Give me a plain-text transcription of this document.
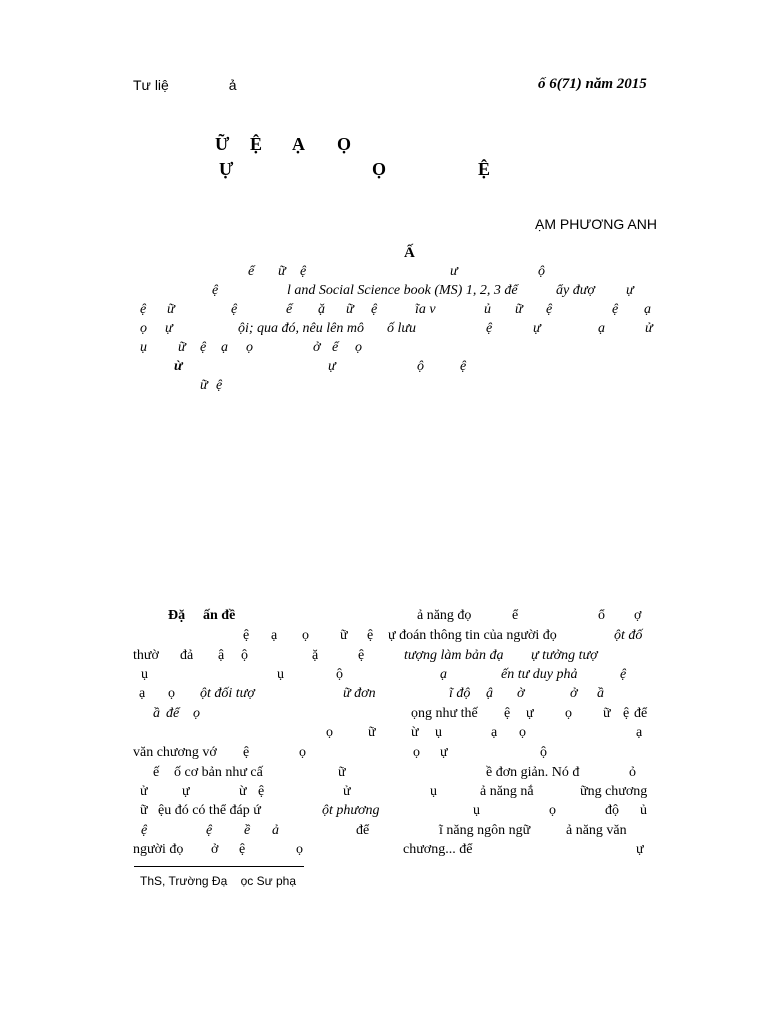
Tư liệ	ả	ố 6(71) năm 2015
Ữ Ệ Ạ Ọ
Ự	Ọ	Ệ
ẠM PHƯƠNG ANH
Ấ
ể ữ ệ	ư	ộ
ệ	l and Social Science book (MS) 1, 2, 3 để	ẩy đượ ự
ệ ữ	ệ	ể ặ ữ ệ	ĩa v	ủ ữ ệ	ệ ạ
ọ ự	ội; qua đó, nêu lên mô ố lưu	ệ	ự	ạ	ử
ụ ữ ệ ạ ọ	ở ể ọ
ừ	ự	ộ	ệ
ữ ệ
Đặ ấn đề	ả năng đọ	ể	ổ ợ
ệ ạ ọ ữ ệ ự đoán thông tin của người đọ	ột đố
thườ đả ậ ộ	ặ	ệ	tượng làm bản đạ ự tưởng tượ
ụ	ụ	ộ	ạ	ến tư duy phả	ệ
ạ ọ ột đối tượ	ữ đơn	ĩ độ ậ ờ	ở ầ
ầ để ọ	ọng như thế ệ ự ọ ữ ệ để
ọ	ữ	ừ ụ	ạ ọ	ạ
văn chương vớ ệ	ọ	ọ ự	ộ
ế ố cơ bản như cấ	ữ	ề đơn giản. Nó đ	ỏ
ử ự	ừ ệ	ử	ụ	ả năng nắ	ững chương
ữ ệu đó có thể đáp ứ	ột phương	ụ	ọ	độ ủ
ệ	ệ ề ả	để	ĩ năng ngôn ngữ	ả năng văn
người đọ ở ệ	ọ	chương... để	ự
ThS, Trường Đạ    ọc Sư phạ
